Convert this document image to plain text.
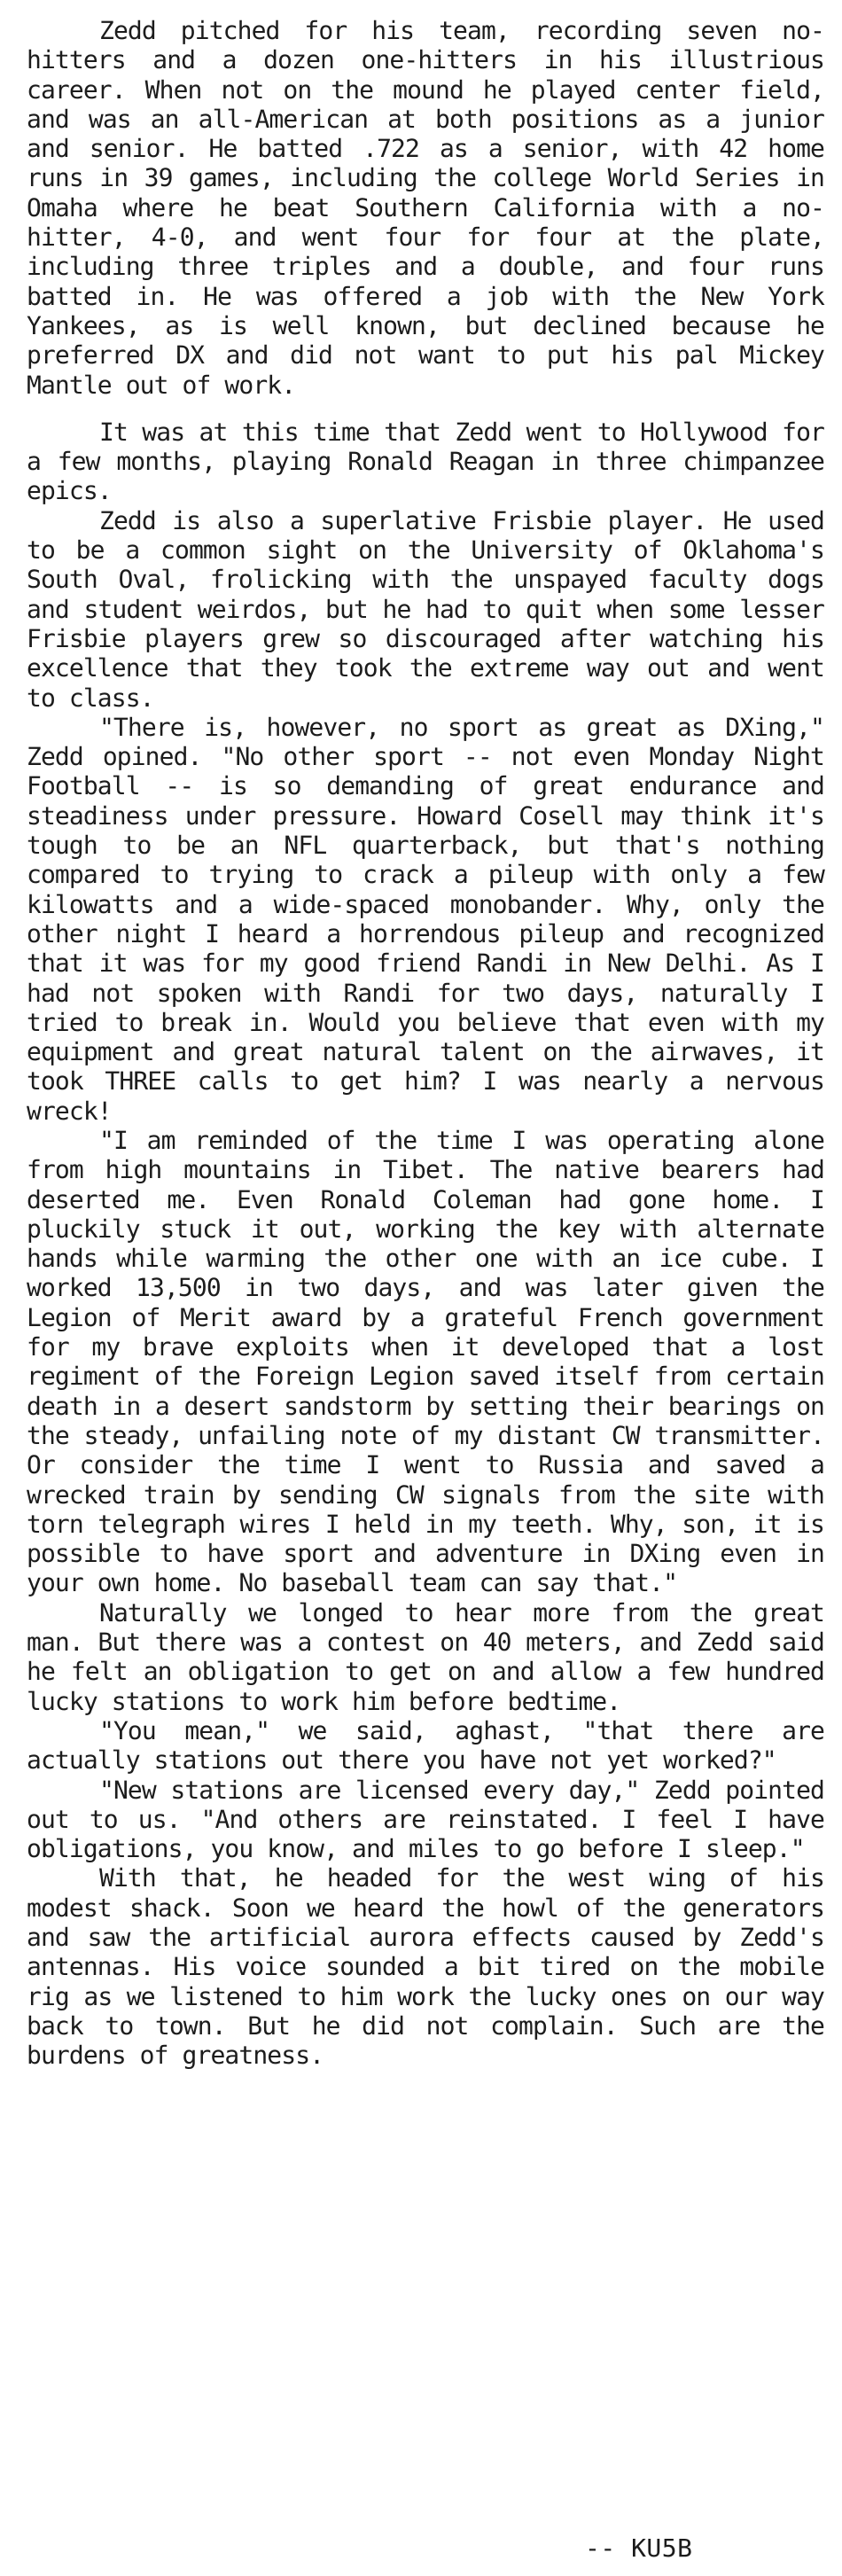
Zedd pitched for his team, recording seven no-hitters and a dozen one-hitters in his illustrious career. When not on the mound he played center field, and was an all-American at both positions as a junior and senior. He batted .722 as a senior, with 42 home runs in 39 games, including the college World Series in Omaha where he beat Southern California with a no-hitter, 4-0, and went four for four at the plate, including three triples and a double, and four runs batted in. He was offered a job with the New York Yankees, as is well known, but declined because he preferred DX and did not want to put his pal Mickey Mantle out of work.

It was at this time that Zedd went to Hollywood for a few months, playing Ronald Reagan in three chimpanzee epics.

Zedd is also a superlative Frisbie player. He used to be a common sight on the University of Oklahoma's South Oval, frolicking with the unspayed faculty dogs and student weirdos, but he had to quit when some lesser Frisbie players grew so discouraged after watching his excellence that they took the extreme way out and went to class.

"There is, however, no sport as great as DXing," Zedd opined. "No other sport -- not even Monday Night Football -- is so demanding of great endurance and steadiness under pressure. Howard Cosell may think it's tough to be an NFL quarterback, but that's nothing compared to trying to crack a pileup with only a few kilowatts and a wide-spaced monobander. Why, only the other night I heard a horrendous pileup and recognized that it was for my good friend Randi in New Delhi. As I had not spoken with Randi for two days, naturally I tried to break in. Would you believe that even with my equipment and great natural talent on the airwaves, it took THREE calls to get him? I was nearly a nervous wreck!

"I am reminded of the time I was operating alone from high mountains in Tibet. The native bearers had deserted me. Even Ronald Coleman had gone home. I pluckily stuck it out, working the key with alternate hands while warming the other one with an ice cube. I worked 13,500 in two days, and was later given the Legion of Merit award by a grateful French government for my brave exploits when it developed that a lost regiment of the Foreign Legion saved itself from certain death in a desert sandstorm by setting their bearings on the steady, unfailing note of my distant CW transmitter. Or consider the time I went to Russia and saved a wrecked train by sending CW signals from the site with torn telegraph wires I held in my teeth. Why, son, it is possible to have sport and adventure in DXing even in your own home. No baseball team can say that."

Naturally we longed to hear more from the great man. But there was a contest on 40 meters, and Zedd said he felt an obligation to get on and allow a few hundred lucky stations to work him before bedtime.

"You mean," we said, aghast, "that there are actually stations out there you have not yet worked?"

"New stations are licensed every day," Zedd pointed out to us. "And others are reinstated. I feel I have obligations, you know, and miles to go before I sleep."

With that, he headed for the west wing of his modest shack. Soon we heard the howl of the generators and saw the artificial aurora effects caused by Zedd's antennas. His voice sounded a bit tired on the mobile rig as we listened to him work the lucky ones on our way back to town. But he did not complain. Such are the burdens of greatness.

-- KU5B
